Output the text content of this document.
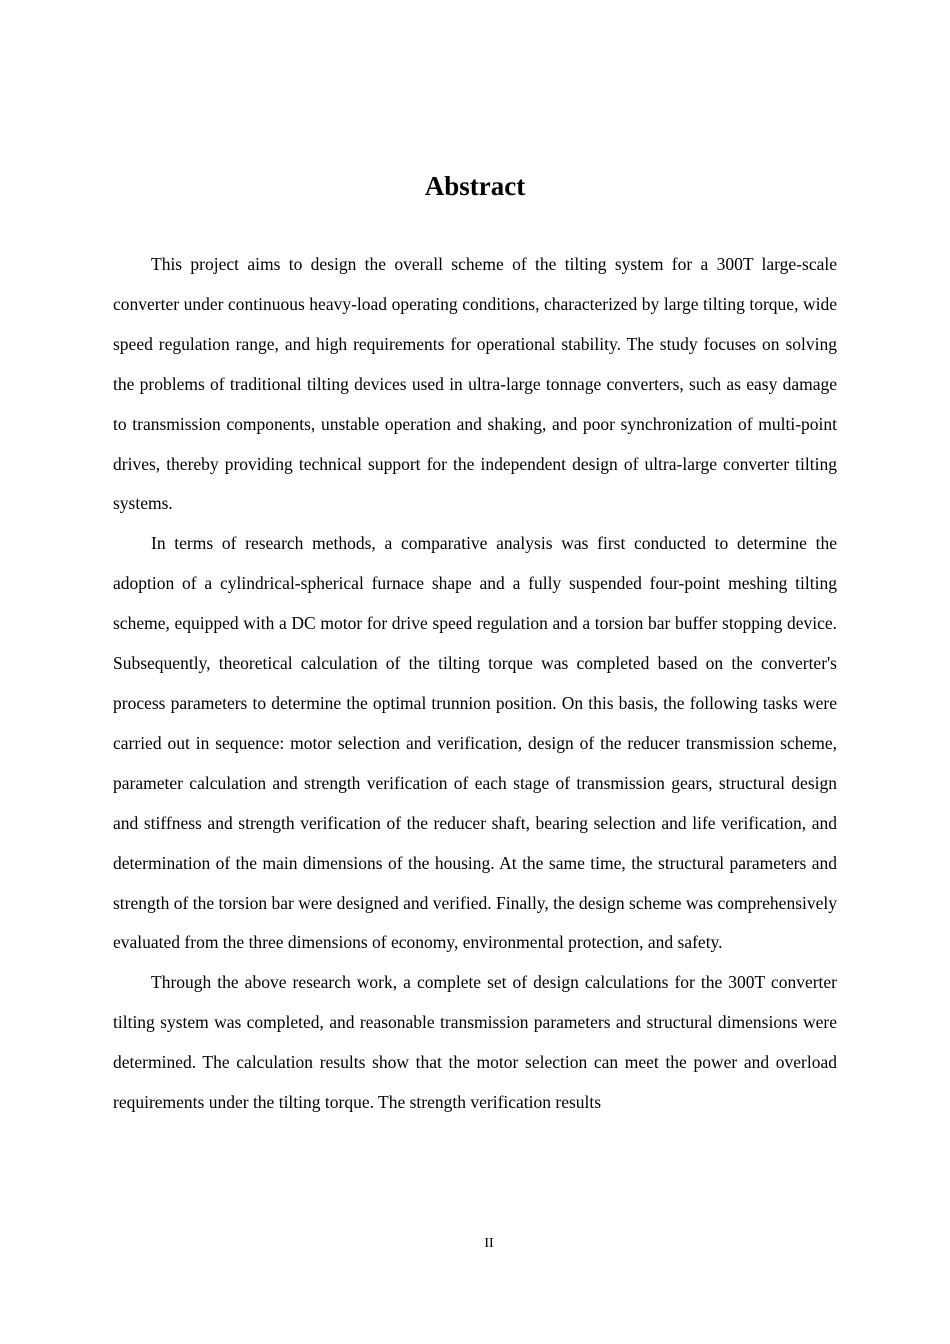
Abstract

This project aims to design the overall scheme of the tilting system for a 300T large-scale converter under continuous heavy-load operating conditions, characterized by large tilting torque, wide speed regulation range, and high requirements for operational stability. The study focuses on solving the problems of traditional tilting devices used in ultra-large tonnage converters, such as easy damage to transmission components, unstable operation and shaking, and poor synchronization of multi-point drives, thereby providing technical support for the independent design of ultra-large converter tilting systems.

In terms of research methods, a comparative analysis was first conducted to determine the adoption of a cylindrical-spherical furnace shape and a fully suspended four-point meshing tilting scheme, equipped with a DC motor for drive speed regulation and a torsion bar buffer stopping device. Subsequently, theoretical calculation of the tilting torque was completed based on the converter's process parameters to determine the optimal trunnion position. On this basis, the following tasks were carried out in sequence: motor selection and verification, design of the reducer transmission scheme, parameter calculation and strength verification of each stage of transmission gears, structural design and stiffness and strength verification of the reducer shaft, bearing selection and life verification, and determination of the main dimensions of the housing. At the same time, the structural parameters and strength of the torsion bar were designed and verified. Finally, the design scheme was comprehensively evaluated from the three dimensions of economy, environmental protection, and safety.

Through the above research work, a complete set of design calculations for the 300T converter tilting system was completed, and reasonable transmission parameters and structural dimensions were determined. The calculation results show that the motor selection can meet the power and overload requirements under the tilting torque. The strength verification results

II
